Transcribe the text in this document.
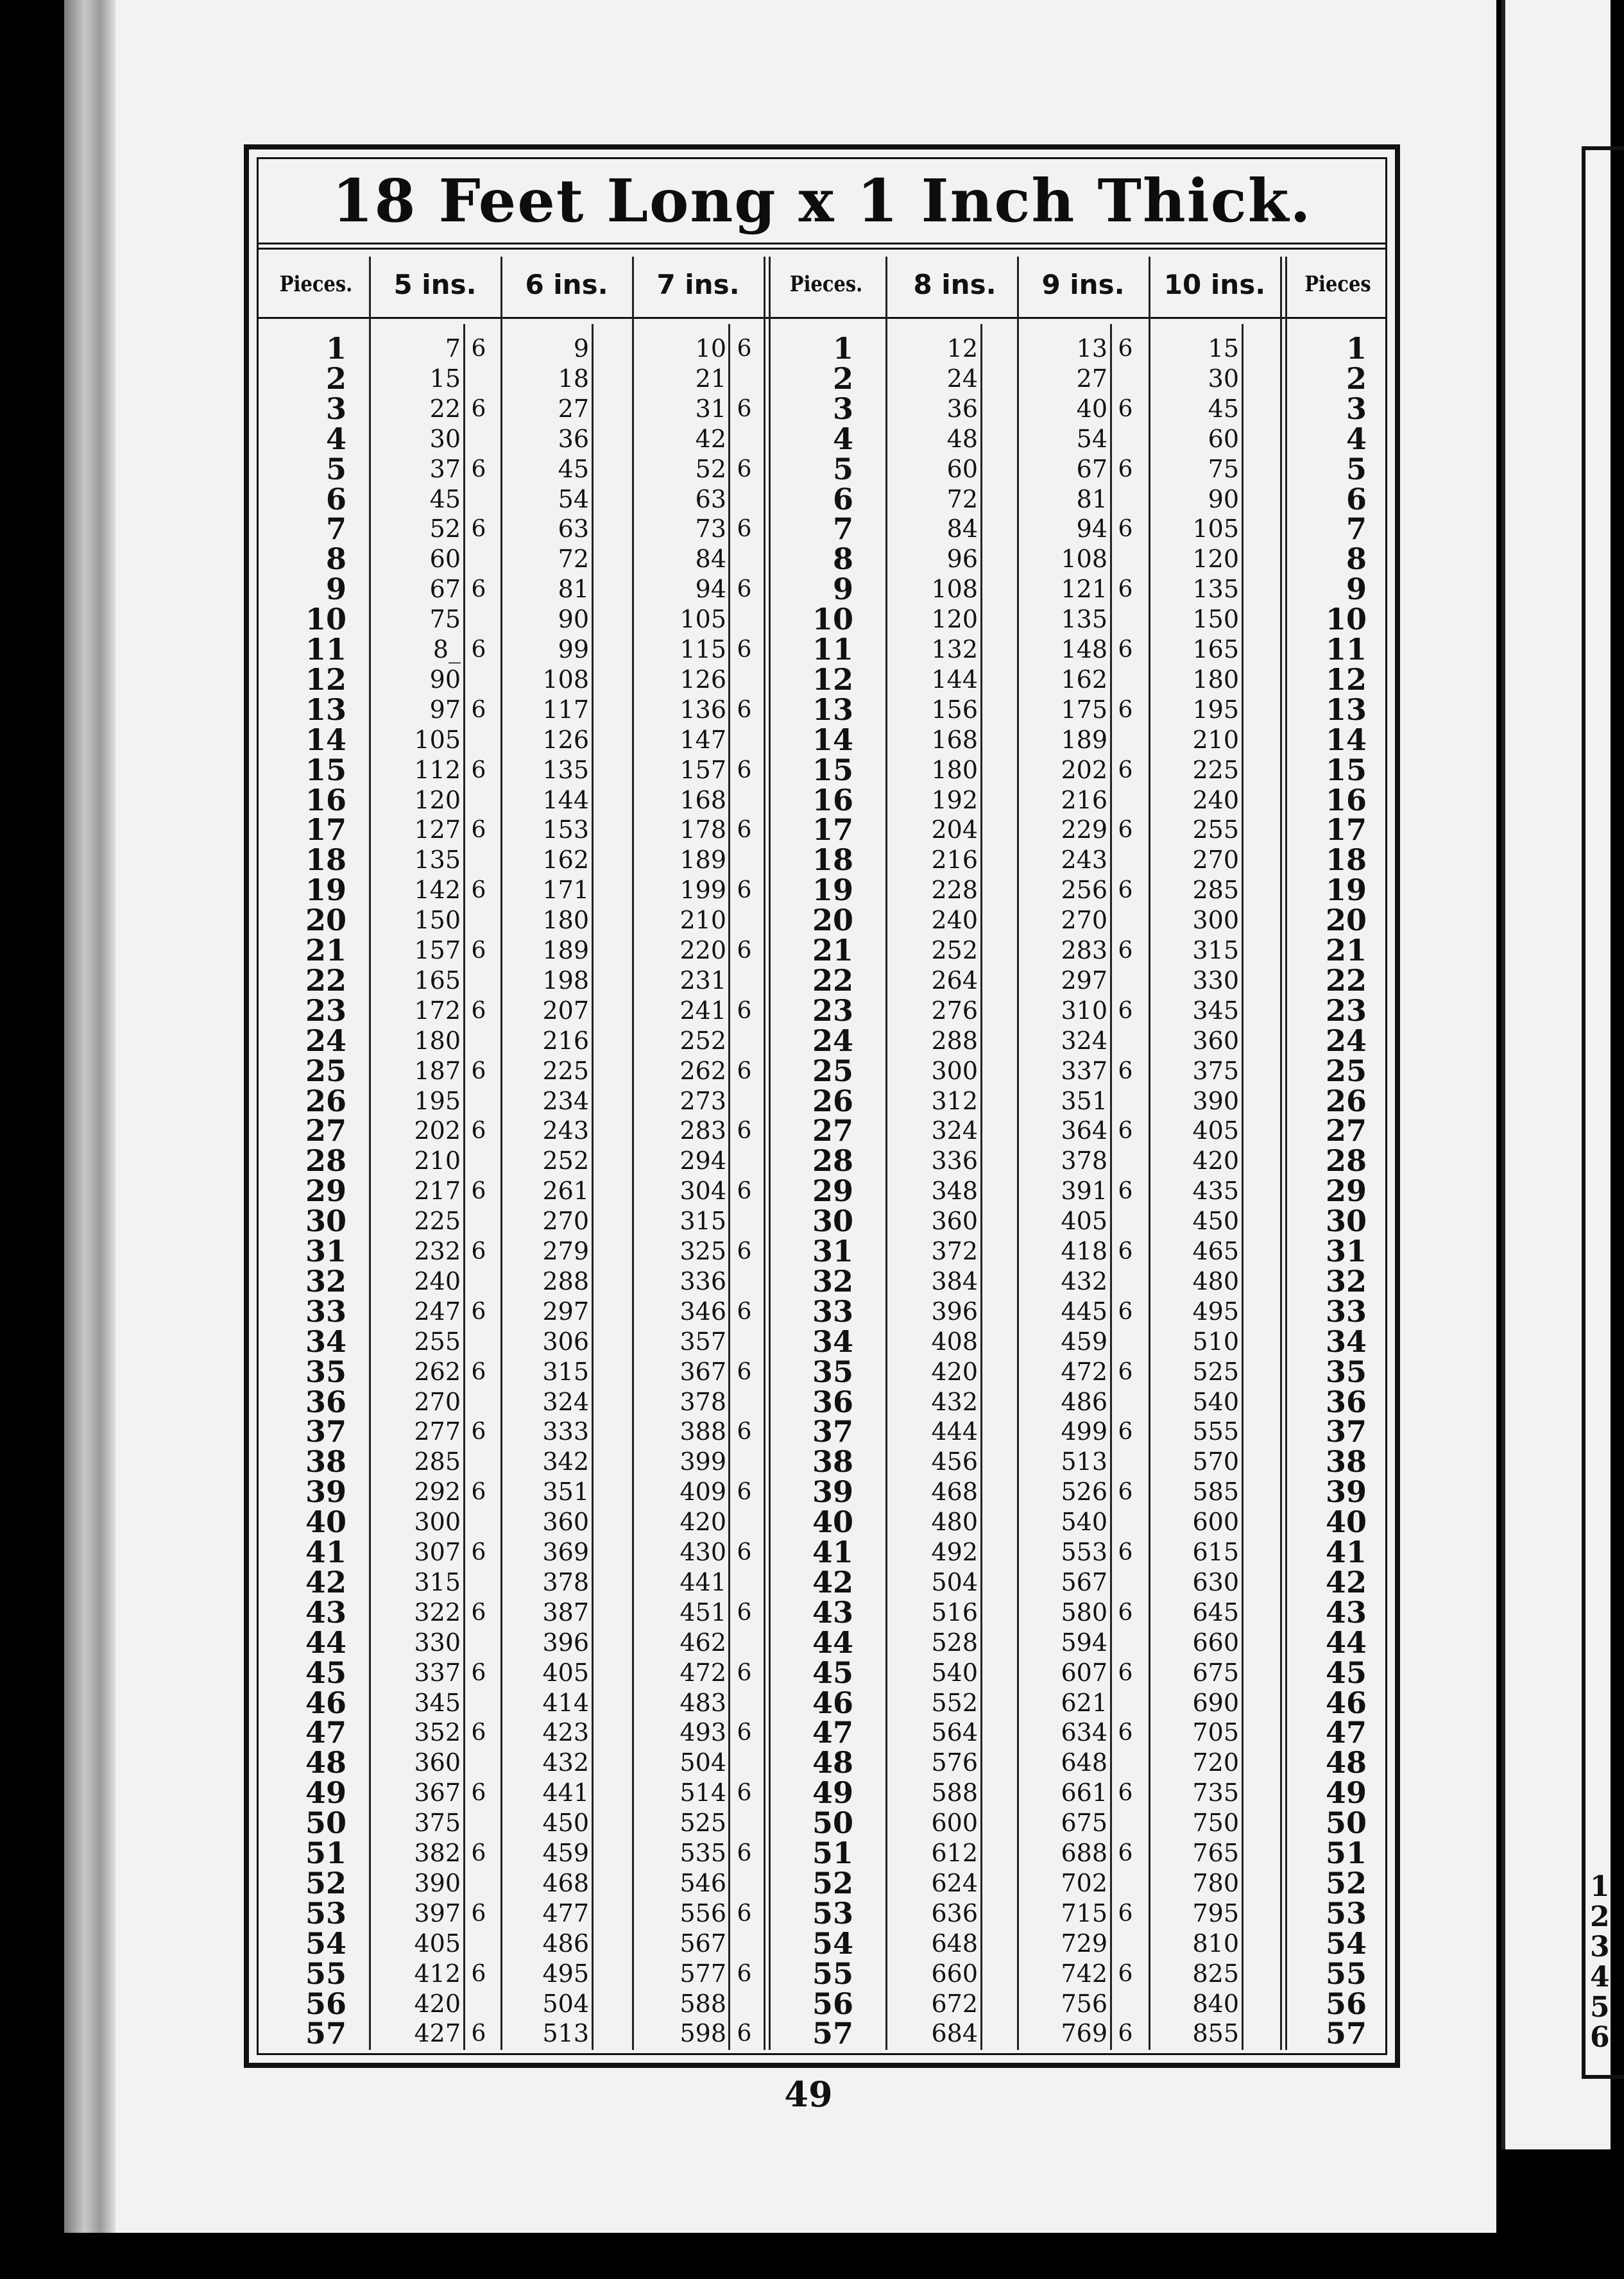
1
2
3
4
5
6
18 Feet Long x 1 Inch Thick.
Pieces.	5 ins.	6 ins.	7 ins.	Pieces.	8 ins.	9 ins.	10 ins.	Pieces
1	7 6	9	10 6	1	12	13 6	15	1
2	15	18	21	2	24	27	30	2
3	22 6	27	31 6	3	36	40 6	45	3
4	30	36	42	4	48	54	60	4
5	37 6	45	52 6	5	60	67 6	75	5
6	45	54	63	6	72	81	90	6
7	52 6	63	73 6	7	84	94 6	105	7
8	60	72	84	8	96	108	120	8
9	67 6	81	94 6	9	108	121 6	135	9
10	75	90	105	10	120	135	150	10
11	8_ 6	99	115 6	11	132	148 6	165	11
12	90	108	126	12	144	162	180	12
13	97 6	117	136 6	13	156	175 6	195	13
14	105	126	147	14	168	189	210	14
15	112 6	135	157 6	15	180	202 6	225	15
16	120	144	168	16	192	216	240	16
17	127 6	153	178 6	17	204	229 6	255	17
18	135	162	189	18	216	243	270	18
19	142 6	171	199 6	19	228	256 6	285	19
20	150	180	210	20	240	270	300	20
21	157 6	189	220 6	21	252	283 6	315	21
22	165	198	231	22	264	297	330	22
23	172 6	207	241 6	23	276	310 6	345	23
24	180	216	252	24	288	324	360	24
25	187 6	225	262 6	25	300	337 6	375	25
26	195	234	273	26	312	351	390	26
27	202 6	243	283 6	27	324	364 6	405	27
28	210	252	294	28	336	378	420	28
29	217 6	261	304 6	29	348	391 6	435	29
30	225	270	315	30	360	405	450	30
31	232 6	279	325 6	31	372	418 6	465	31
32	240	288	336	32	384	432	480	32
33	247 6	297	346 6	33	396	445 6	495	33
34	255	306	357	34	408	459	510	34
35	262 6	315	367 6	35	420	472 6	525	35
36	270	324	378	36	432	486	540	36
37	277 6	333	388 6	37	444	499 6	555	37
38	285	342	399	38	456	513	570	38
39	292 6	351	409 6	39	468	526 6	585	39
40	300	360	420	40	480	540	600	40
41	307 6	369	430 6	41	492	553 6	615	41
42	315	378	441	42	504	567	630	42
43	322 6	387	451 6	43	516	580 6	645	43
44	330	396	462	44	528	594	660	44
45	337 6	405	472 6	45	540	607 6	675	45
46	345	414	483	46	552	621	690	46
47	352 6	423	493 6	47	564	634 6	705	47
48	360	432	504	48	576	648	720	48
49	367 6	441	514 6	49	588	661 6	735	49
50	375	450	525	50	600	675	750	50
51	382 6	459	535 6	51	612	688 6	765	51
52	390	468	546	52	624	702	780	52
53	397 6	477	556 6	53	636	715 6	795	53
54	405	486	567	54	648	729	810	54
55	412 6	495	577 6	55	660	742 6	825	55
56	420	504	588	56	672	756	840	56
57	427 6	513	598 6	57	684	769 6	855	57
49
